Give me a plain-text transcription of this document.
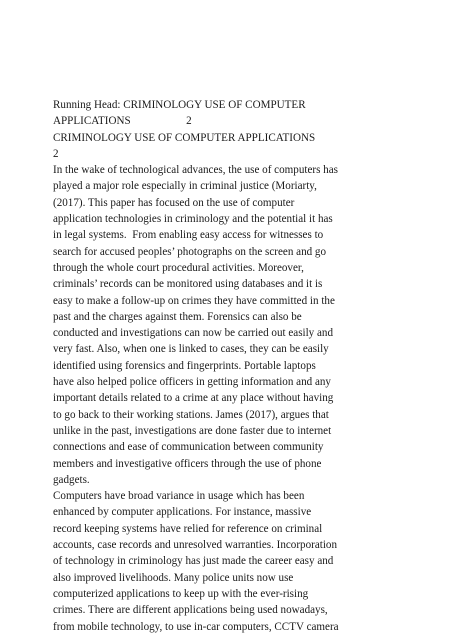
Running Head: CRIMINOLOGY USE OF COMPUTER
APPLICATIONS                    2
CRIMINOLOGY USE OF COMPUTER APPLICATIONS
2
In the wake of technological advances, the use of computers has
played a major role especially in criminal justice (Moriarty,
(2017). This paper has focused on the use of computer
application technologies in criminology and the potential it has
in legal systems.  From enabling easy access for witnesses to
search for accused peoples’ photographs on the screen and go
through the whole court procedural activities. Moreover,
criminals’ records can be monitored using databases and it is
easy to make a follow-up on crimes they have committed in the
past and the charges against them. Forensics can also be
conducted and investigations can now be carried out easily and
very fast. Also, when one is linked to cases, they can be easily
identified using forensics and fingerprints. Portable laptops
have also helped police officers in getting information and any
important details related to a crime at any place without having
to go back to their working stations. James (2017), argues that
unlike in the past, investigations are done faster due to internet
connections and ease of communication between community
members and investigative officers through the use of phone
gadgets.
Computers have broad variance in usage which has been
enhanced by computer applications. For instance, massive
record keeping systems have relied for reference on criminal
accounts, case records and unresolved warranties. Incorporation
of technology in criminology has just made the career easy and
also improved livelihoods. Many police units now use
computerized applications to keep up with the ever-rising
crimes. There are different applications being used nowadays,
from mobile technology, to use in-car computers, CCTV camera
